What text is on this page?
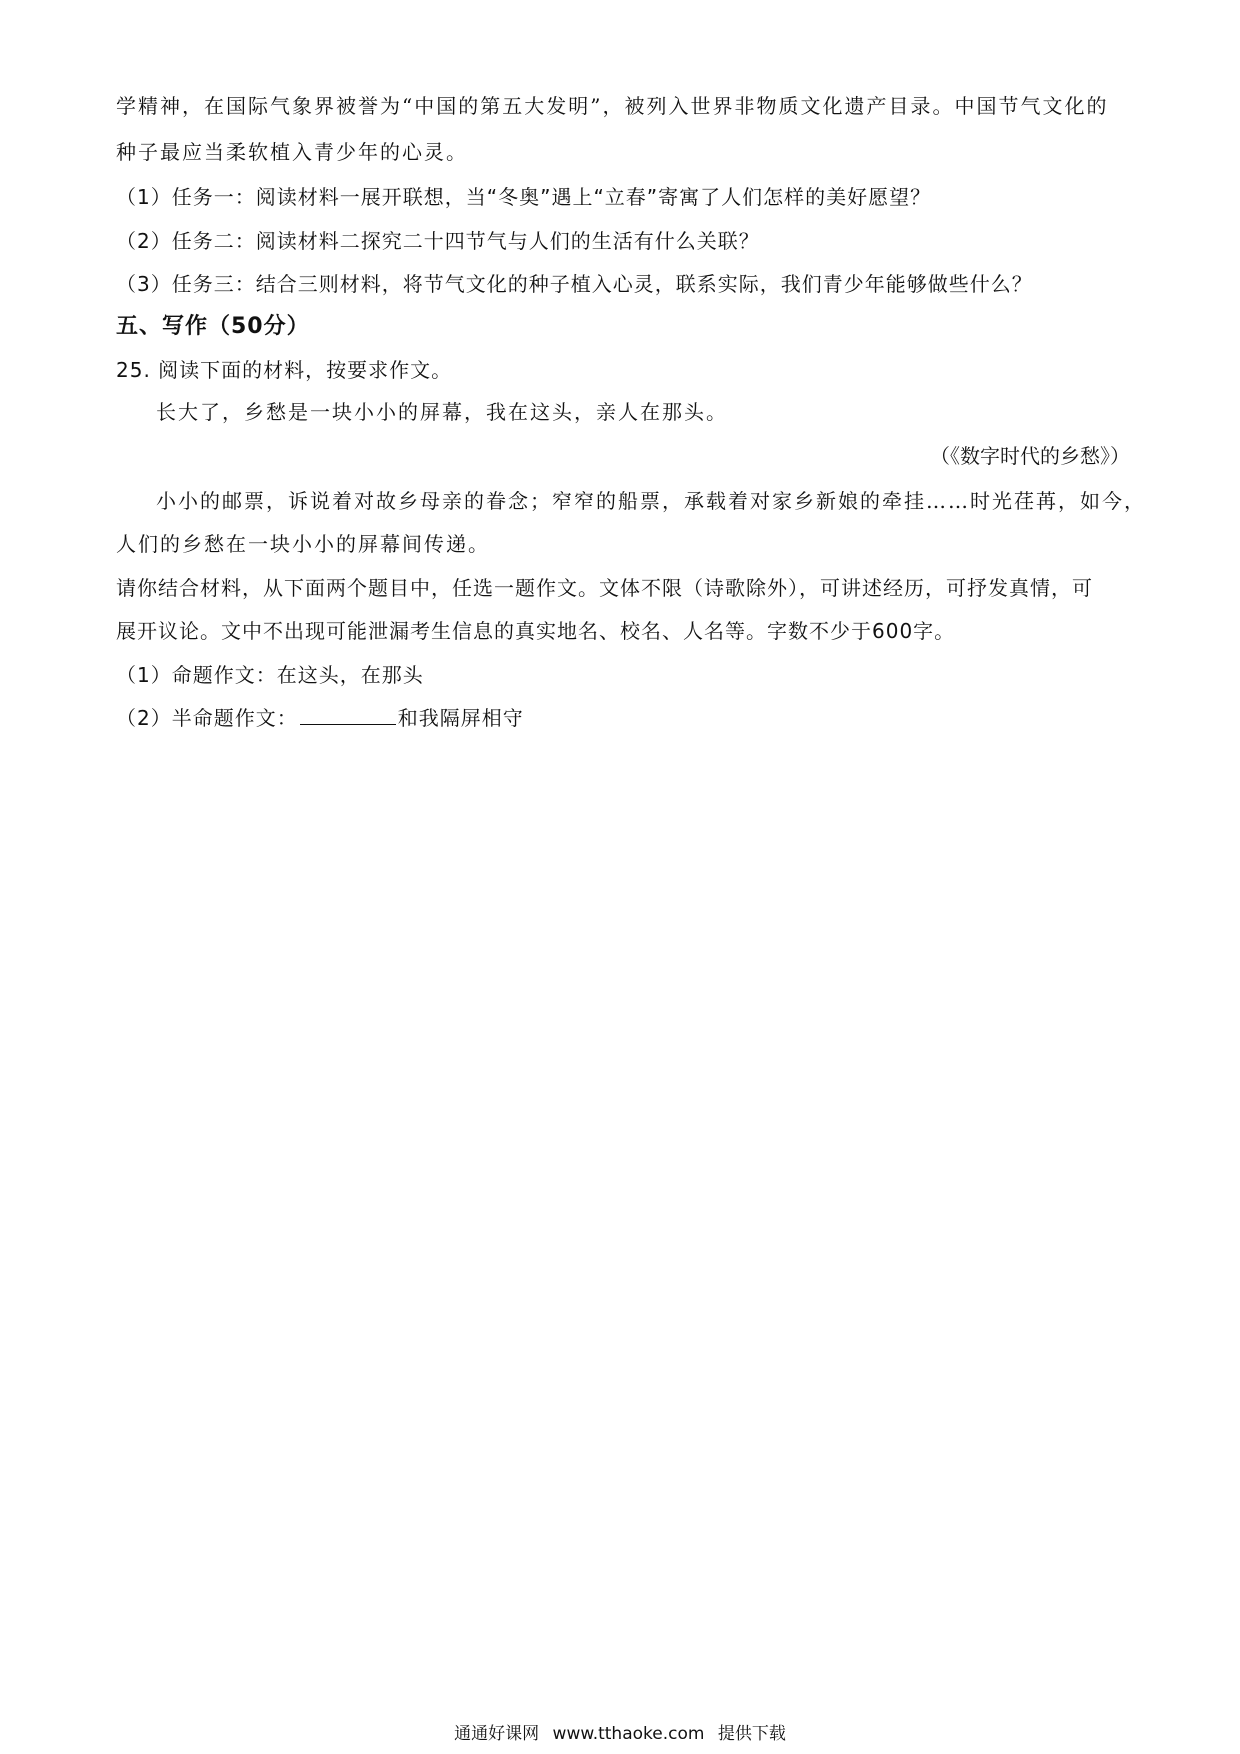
学精神，在国际气象界被誉为“中国的第五大发明”，被列入世界非物质文化遗产目录。中国节气文化的
种子最应当柔软植入青少年的心灵。
（1）任务一：阅读材料一展开联想，当“冬奥”遇上“立春”寄寓了人们怎样的美好愿望？
（2）任务二：阅读材料二探究二十四节气与人们的生活有什么关联？
（3）任务三：结合三则材料，将节气文化的种子植入心灵，联系实际，我们青少年能够做些什么？
五、写作（50分）
25. 阅读下面的材料，按要求作文。
长大了，乡愁是一块小小的屏幕，我在这头，亲人在那头。
（《数字时代的乡愁》）
小小的邮票，诉说着对故乡母亲的眷念；窄窄的船票，承载着对家乡新娘的牵挂……时光荏苒，如今，
人们的乡愁在一块小小的屏幕间传递。
请你结合材料，从下面两个题目中，任选一题作文。文体不限（诗歌除外），可讲述经历，可抒发真情，可
展开议论。文中不出现可能泄漏考生信息的真实地名、校名、人名等。字数不少于600字。
（1）命题作文：在这头，在那头
（2）半命题作文：	和我隔屏相守
通通好课网 www.tthaoke.com 提供下载
